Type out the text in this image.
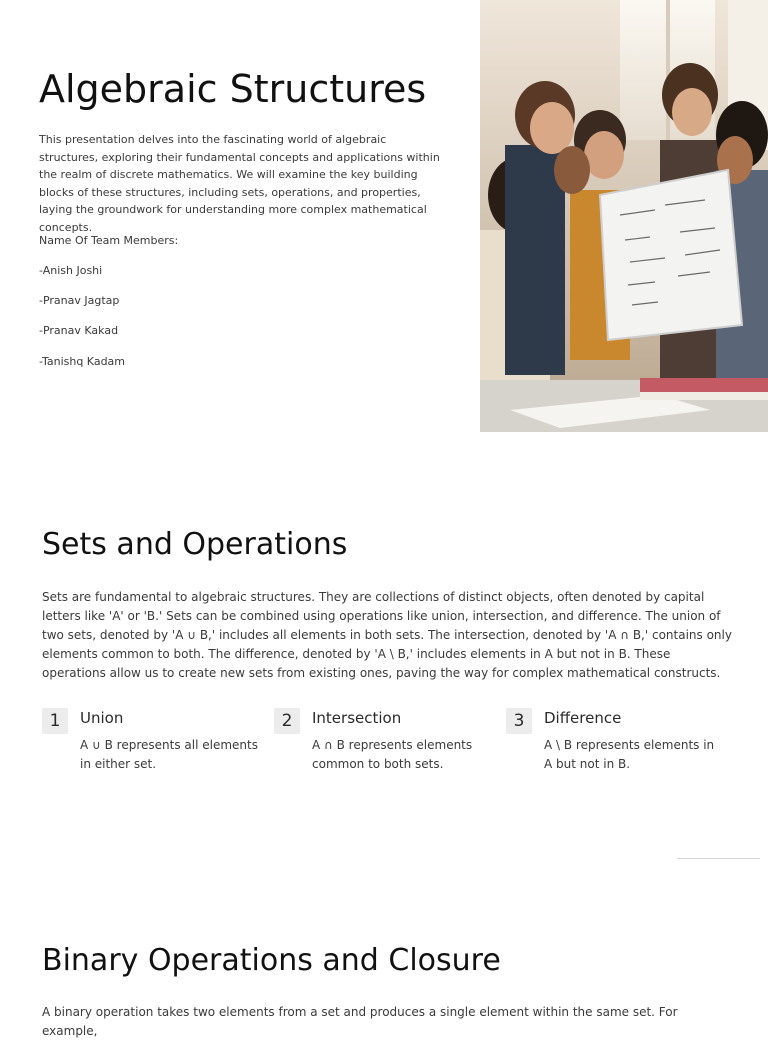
Algebraic Structures

This presentation delves into the fascinating world of algebraic structures, exploring their fundamental concepts and applications within the realm of discrete mathematics. We will examine the key building blocks of these structures, including sets, operations, and properties, laying the groundwork for understanding more complex mathematical concepts.

Name Of Team Members:

-Anish Joshi

-Pranav Jagtap

-Pranav Kakad

-Tanishq Kadam

Sets and Operations

Sets are fundamental to algebraic structures. They are collections of distinct objects, often denoted by capital letters like 'A' or 'B.' Sets can be combined using operations like union, intersection, and difference. The union of two sets, denoted by 'A ∪ B,' includes all elements in both sets. The intersection, denoted by 'A ∩ B,' contains only elements common to both. The difference, denoted by 'A \ B,' includes elements in A but not in B. These operations allow us to create new sets from existing ones, paving the way for complex mathematical constructs.

1	Union

A ∪ B represents all elements in either set.

2	Intersection

A ∩ B represents elements common to both sets.

3	Difference

A \ B represents elements in A but not in B.

Binary Operations and Closure

A binary operation takes two elements from a set and produces a single element within the same set. For example,
